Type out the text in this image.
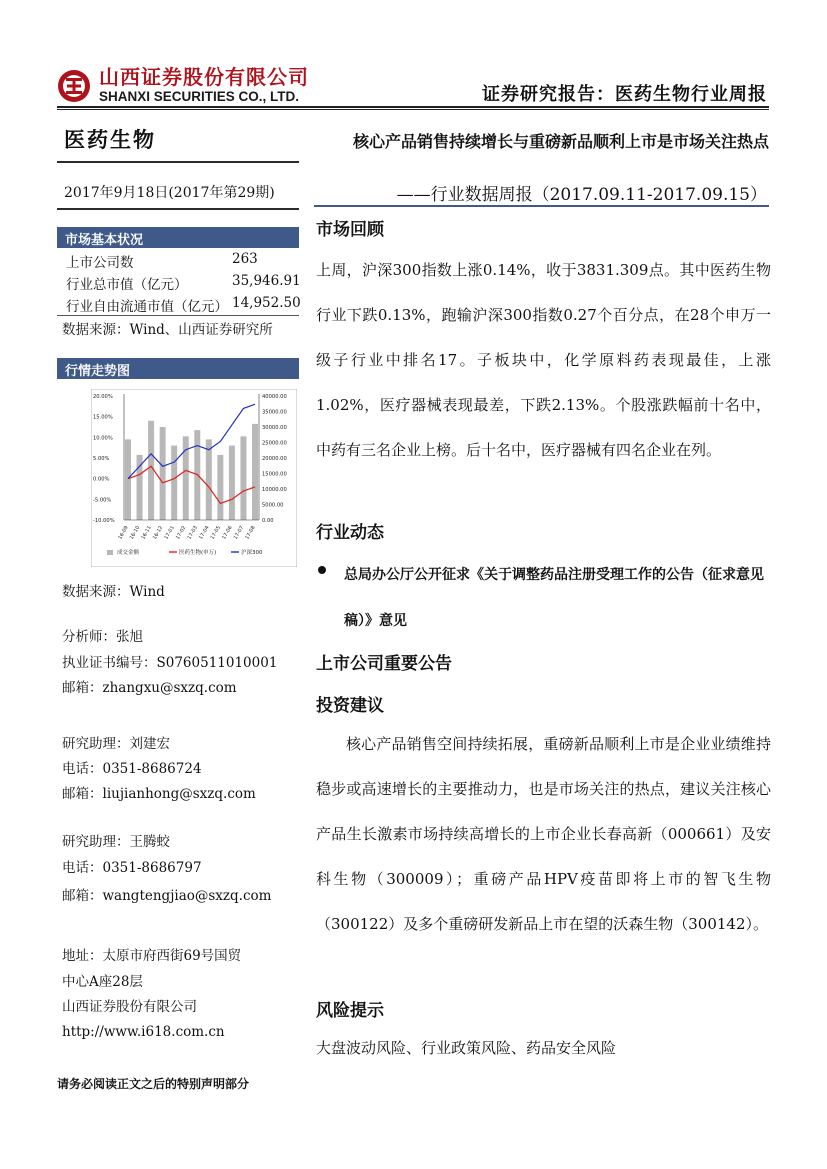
山西证券股份有限公司
SHANXI SECURITIES CO., LTD.	证券研究报告：医药生物行业周报
医药生物
2017年9月18日(2017年第29期)
市场基本状况
上市公司数	263
行业总市值（亿元）	35,946.91
行业自由流通市值（亿元） 14,952.50
数据来源：Wind、山西证券研究所
行情走势图
20.00%
15.00%
10.00%
5.00%
0.00%
-5.00%
-10.00%
40000.00
35000.00
30000.00
25000.00
20000.00
15000.00
10000.00
5000.00
0.00
16-09 16-10 16-11 16-12 17-01 17-02 17-03 17-04 17-05 17-06 17-07 17-08
成交金额	医药生物(申万)	沪深300
数据来源：Wind
分析师：张旭
执业证书编号：S0760511010001
邮箱：zhangxu@sxzq.com
研究助理：刘建宏
电话：0351-8686724
邮箱：liujianhong@sxzq.com
研究助理：王腾蛟
电话：0351-8686797
邮箱：wangtengjiao@sxzq.com
地址：太原市府西街69号国贸
中心A座28层
山西证券股份有限公司
http://www.i618.com.cn
请务必阅读正文之后的特别声明部分
核心产品销售持续增长与重磅新品顺利上市是市场关注热点
——行业数据周报（2017.09.11-2017.09.15）
市场回顾
上周，沪深300指数上涨0.14%，收于3831.309点。其中医药生物行业下跌0.13%，跑输沪深300指数0.27个百分点，在28个申万一级子行业中排名17。子板块中，化学原料药表现最佳，上涨1.02%，医疗器械表现最差，下跌2.13%。个股涨跌幅前十名中，中药有三名企业上榜。后十名中，医疗器械有四名企业在列。
行业动态
总局办公厅公开征求《关于调整药品注册受理工作的公告（征求意见稿）》意见
上市公司重要公告
投资建议
核心产品销售空间持续拓展，重磅新品顺利上市是企业业绩维持稳步或高速增长的主要推动力，也是市场关注的热点，建议关注核心产品生长激素市场持续高增长的上市企业长春高新（000661）及安科生物（300009）；重磅产品HPV疫苗即将上市的智飞生物（300122）及多个重磅研发新品上市在望的沃森生物（300142）。
风险提示
大盘波动风险、行业政策风险、药品安全风险
